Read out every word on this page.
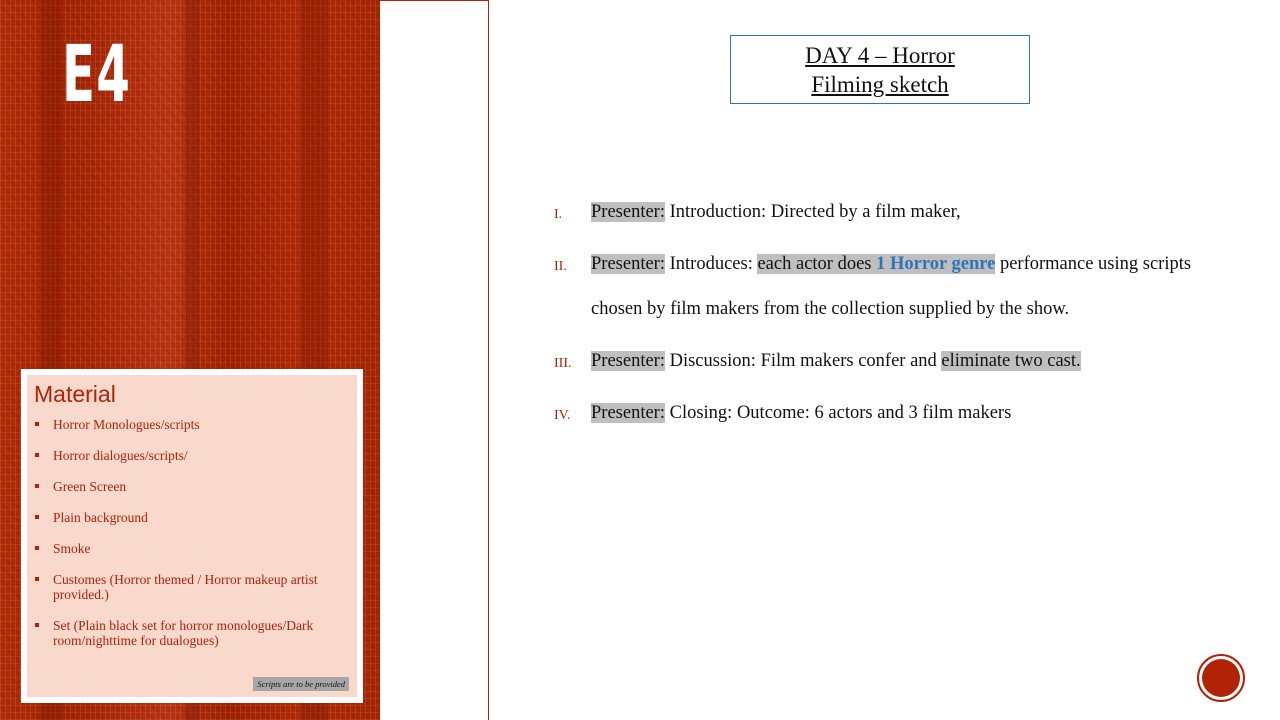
E4
Material
Horror Monologues/scripts
Horror dialogues/scripts/
Green Screen
Plain background
Smoke
Customes (Horror themed / Horror makeup artist provided.)
Set (Plain black set for horror monologues/Dark room/nighttime for dualogues)
Scripts are to be provided
DAY 4 – Horror
Filming sketch
I. Presenter: Introduction: Directed by a film maker,
II. Presenter: Introduces: each actor does 1 Horror genre performance using scripts chosen by film makers from the collection supplied by the show.
III. Presenter: Discussion: Film makers confer and eliminate two cast.
IV. Presenter: Closing: Outcome: 6 actors and 3 film makers
